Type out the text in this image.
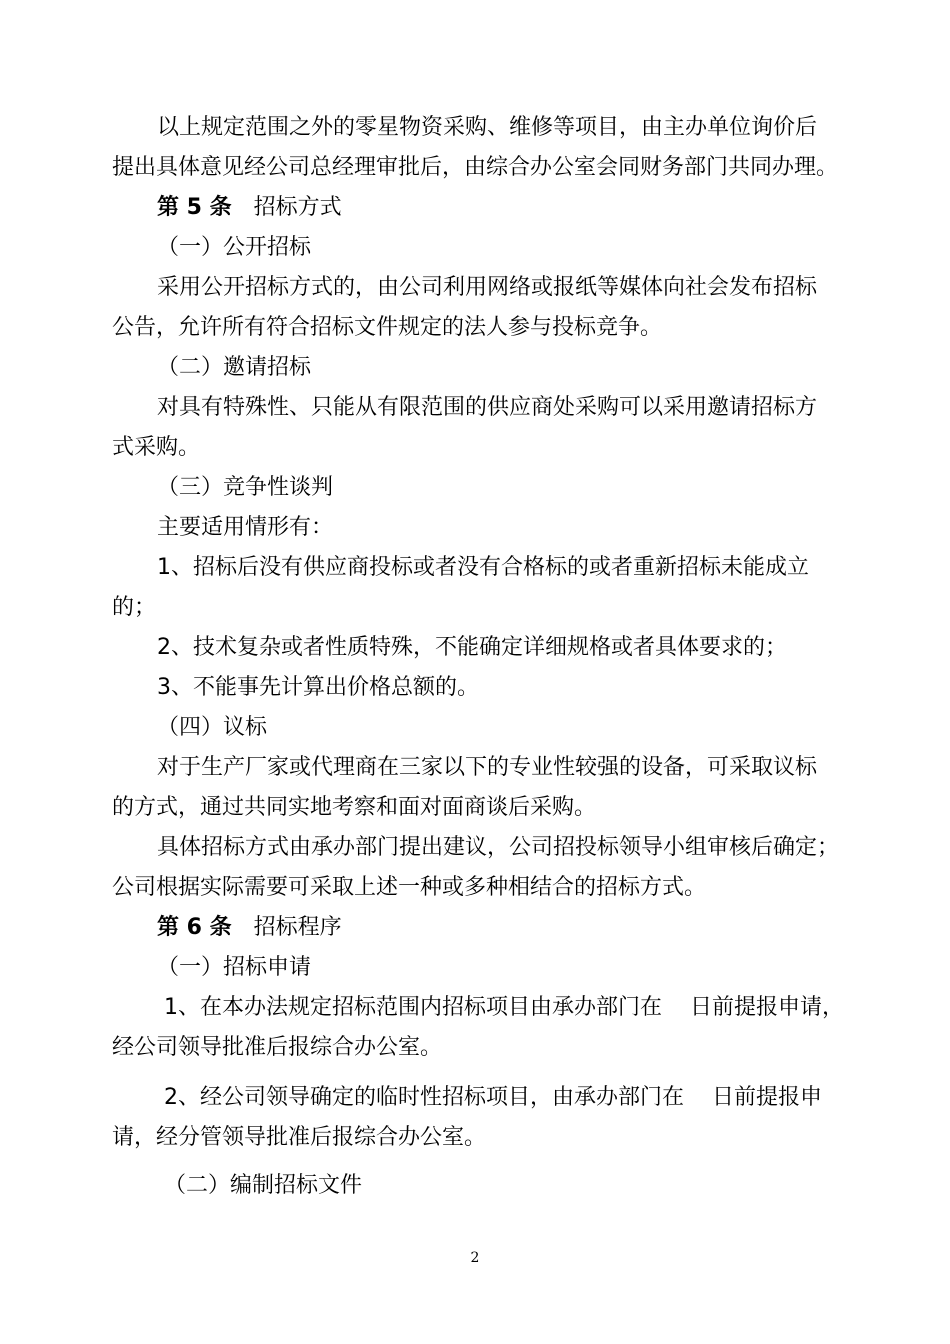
以上规定范围之外的零星物资采购、维修等项目，由主办单位询价后
提出具体意见经公司总经理审批后，由综合办公室会同财务部门共同办理。
第 5 条 招标方式
（一）公开招标
采用公开招标方式的，由公司利用网络或报纸等媒体向社会发布招标
公告，允许所有符合招标文件规定的法人参与投标竞争。
（二）邀请招标
对具有特殊性、只能从有限范围的供应商处采购可以采用邀请招标方
式采购。
（三）竞争性谈判
主要适用情形有：
1、招标后没有供应商投标或者没有合格标的或者重新招标未能成立
的；
2、技术复杂或者性质特殊，不能确定详细规格或者具体要求的；
3、不能事先计算出价格总额的。
（四）议标
对于生产厂家或代理商在三家以下的专业性较强的设备，可采取议标
的方式，通过共同实地考察和面对面商谈后采购。
具体招标方式由承办部门提出建议，公司招投标领导小组审核后确定；
公司根据实际需要可采取上述一种或多种相结合的招标方式。
第 6 条 招标程序
（一）招标申请
1、在本办法规定招标范围内招标项目由承办部门在    日前提报申请，
经公司领导批准后报综合办公室。
2、经公司领导确定的临时性招标项目，由承办部门在    日前提报申
请，经分管领导批准后报综合办公室。
（二）编制招标文件
2
